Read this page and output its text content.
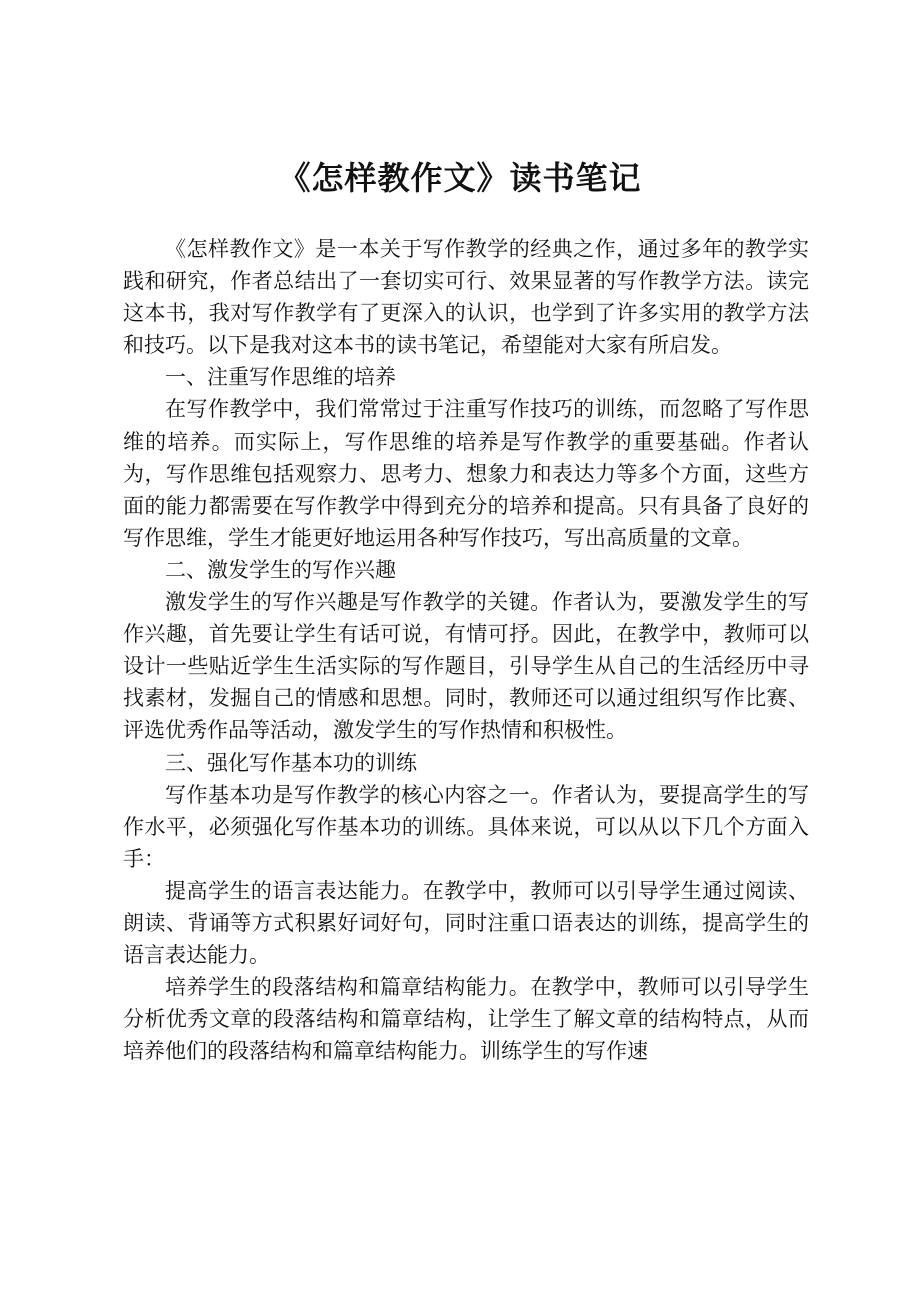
《怎样教作文》读书笔记

《怎样教作文》是一本关于写作教学的经典之作，通过多年的教学实践和研究，作者总结出了一套切实可行、效果显著的写作教学方法。读完这本书，我对写作教学有了更深入的认识，也学到了许多实用的教学方法和技巧。以下是我对这本书的读书笔记，希望能对大家有所启发。

一、注重写作思维的培养

在写作教学中，我们常常过于注重写作技巧的训练，而忽略了写作思维的培养。而实际上，写作思维的培养是写作教学的重要基础。作者认为，写作思维包括观察力、思考力、想象力和表达力等多个方面，这些方面的能力都需要在写作教学中得到充分的培养和提高。只有具备了良好的写作思维，学生才能更好地运用各种写作技巧，写出高质量的文章。

二、激发学生的写作兴趣

激发学生的写作兴趣是写作教学的关键。作者认为，要激发学生的写作兴趣，首先要让学生有话可说，有情可抒。因此，在教学中，教师可以设计一些贴近学生生活实际的写作题目，引导学生从自己的生活经历中寻找素材，发掘自己的情感和思想。同时，教师还可以通过组织写作比赛、评选优秀作品等活动，激发学生的写作热情和积极性。

三、强化写作基本功的训练

写作基本功是写作教学的核心内容之一。作者认为，要提高学生的写作水平，必须强化写作基本功的训练。具体来说，可以从以下几个方面入手：

提高学生的语言表达能力。在教学中，教师可以引导学生通过阅读、朗读、背诵等方式积累好词好句，同时注重口语表达的训练，提高学生的语言表达能力。

培养学生的段落结构和篇章结构能力。在教学中，教师可以引导学生分析优秀文章的段落结构和篇章结构，让学生了解文章的结构特点，从而培养他们的段落结构和篇章结构能力。训练学生的写作速
